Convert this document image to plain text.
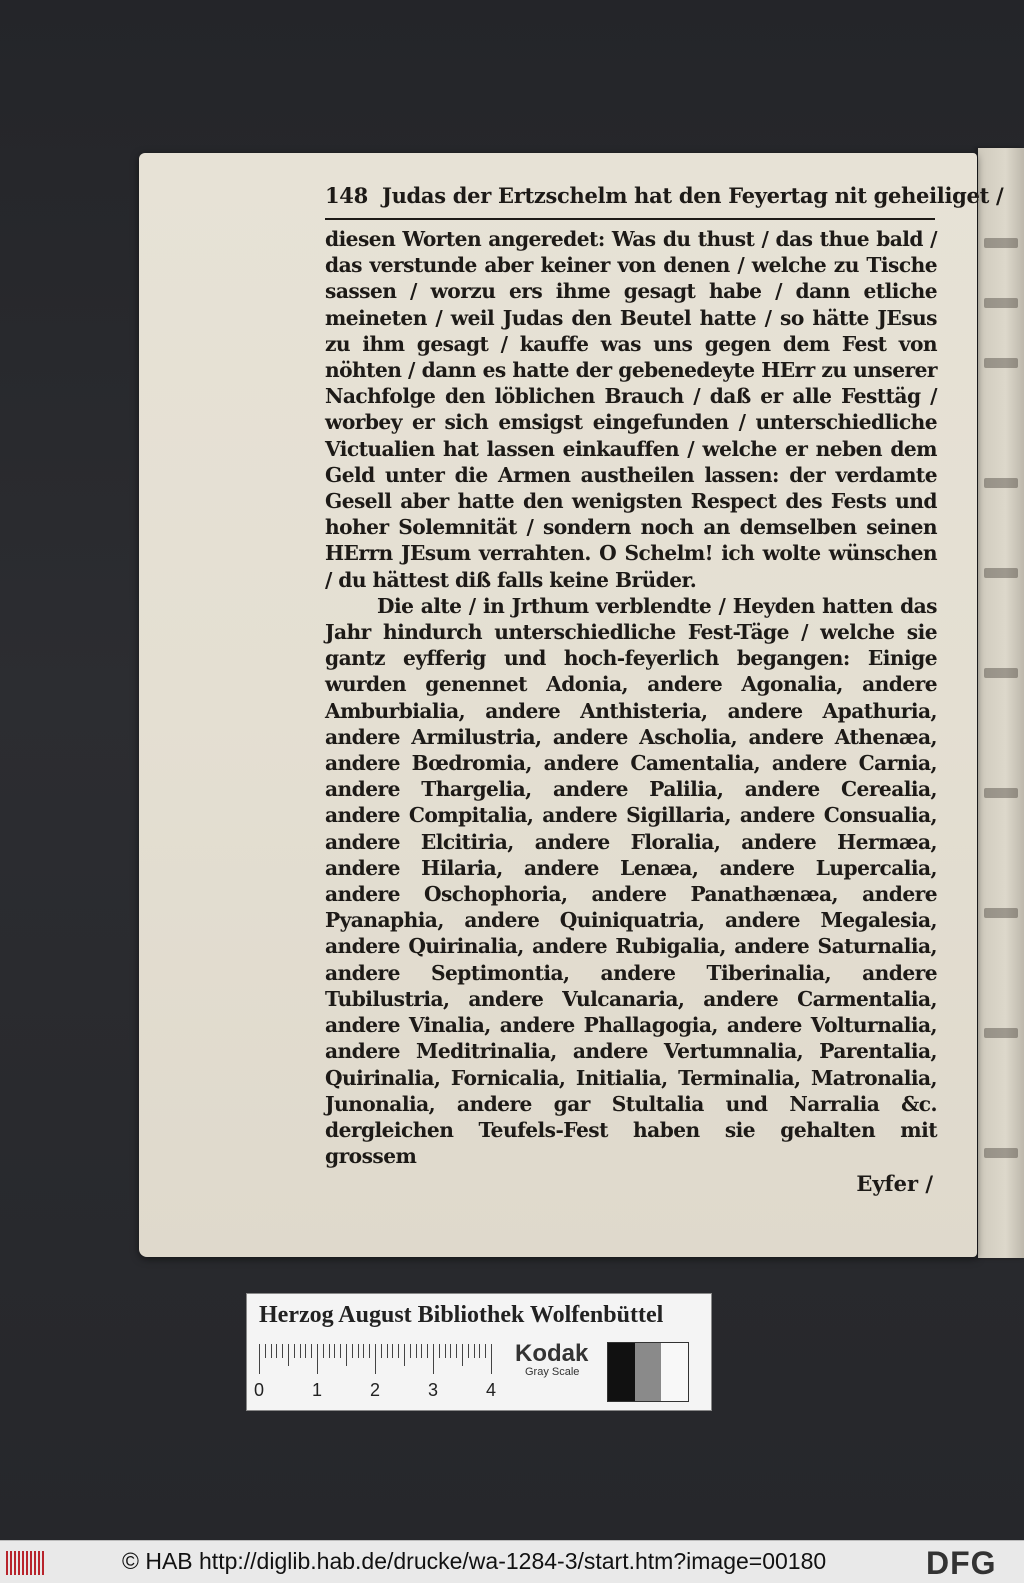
148 Judas der Ertzschelm hat den Feyertag nit geheiliget /

diesen Worten angeredet: Was du thust / das thue bald / das verstunde aber keiner von denen / welche zu Tische sassen / worzu ers ihme gesagt habe / dann etliche meineten / weil Judas den Beutel hatte / so hätte JEsus zu ihm gesagt / kauffe was uns gegen dem Fest von nöhten / dann es hatte der gebenedeyte HErr zu unserer Nachfolge den löblichen Brauch / daß er alle Festtäg / worbey er sich emsigst eingefunden / unterschiedliche Victualien hat lassen einkauffen / welche er neben dem Geld unter die Armen austheilen lassen: der verdamte Gesell aber hatte den wenigsten Respect des Fests und hoher Solemnität / sondern noch an demselben seinen HErrn JEsum verrahten. O Schelm! ich wolte wünschen / du hättest diß falls keine Brüder.

Die alte / in Jrthum verblendte / Heyden hatten das Jahr hindurch unterschiedliche Fest-Täge / welche sie gantz eyfferig und hoch-feyerlich begangen: Einige wurden genennet Adonia, andere Agonalia, andere Amburbialia, andere Anthisteria, andere Apathuria, andere Armilustria, andere Ascholia, andere Athenæa, andere Bœdromia, andere Camentalia, andere Carnia, andere Thargelia, andere Palilia, andere Cerealia, andere Compitalia, andere Sigillaria, andere Consualia, andere Elcitiria, andere Floralia, andere Hermæa, andere Hilaria, andere Lenæa, andere Lupercalia, andere Oschophoria, andere Panathænæa, andere Pyanaphia, andere Quiniquatria, andere Megalesia, andere Quirinalia, andere Rubigalia, andere Saturnalia, andere Septimontia, andere Tiberinalia, andere Tubilustria, andere Vulcanaria, andere Carmentalia, andere Vinalia, andere Phallagogia, andere Volturnalia, andere Meditrinalia, andere Vertumnalia, Parentalia, Quirinalia, Fornicalia, Initialia, Terminalia, Matronalia, Junonalia, andere gar Stultalia und Narralia &c. dergleichen Teufels-Fest haben sie gehalten mit grossem

Eyfer /
Herzog August Bibliothek Wolfenbüttel
0	1	2	3	4
Kodak
Gray Scale
© HAB http://diglib.hab.de/drucke/wa-1284-3/start.htm?image=00180	DFG
